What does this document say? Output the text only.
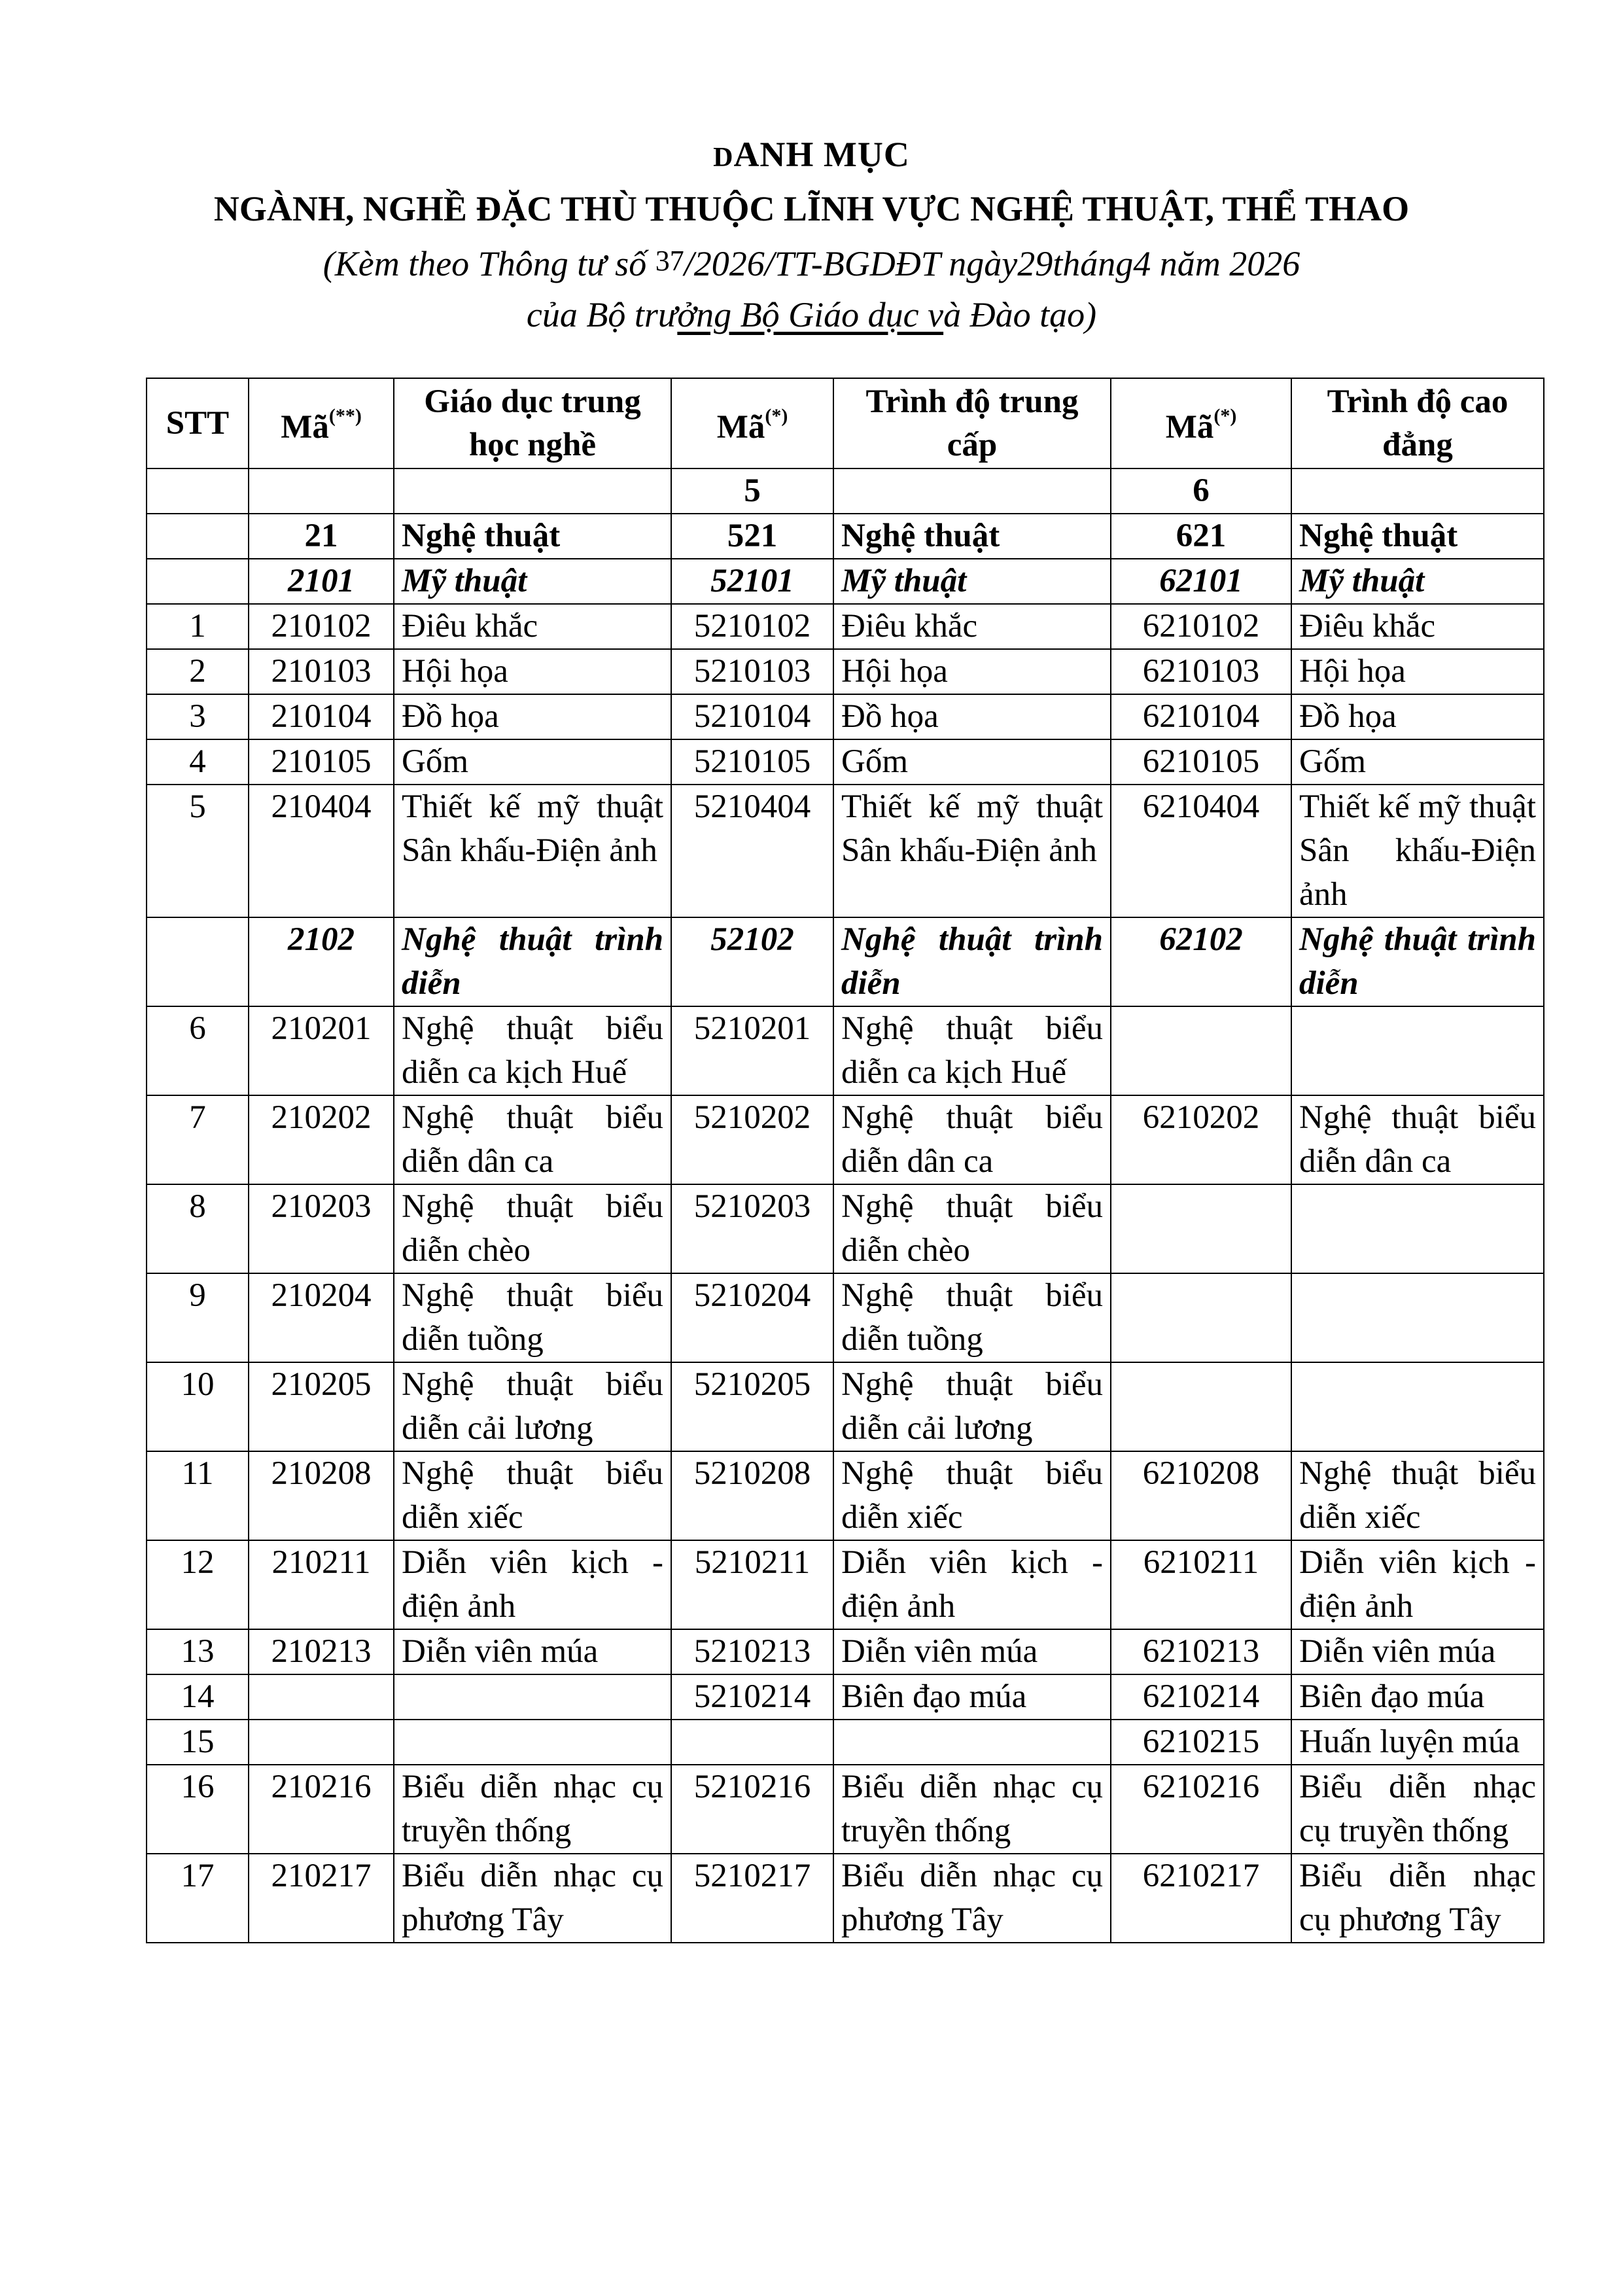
DANH MỤC
NGÀNH, NGHỀ ĐẶC THÙ THUỘC LĨNH VỰC NGHỆ THUẬT, THỂ THAO
(Kèm theo Thông tư số 37/2026/TT-BGDĐT ngày29tháng4 năm 2026
của Bộ trưởng Bộ Giáo dục và Đào tạo)
STT	Mã(**)	Giáo dục trung học nghề	Mã(*)	Trình độ trung cấp	Mã(*)	Trình độ cao đẳng
			5		6	
	21	Nghệ thuật	521	Nghệ thuật	621	Nghệ thuật
	2101	Mỹ thuật	52101	Mỹ thuật	62101	Mỹ thuật
1	210102	Điêu khắc	5210102	Điêu khắc	6210102	Điêu khắc
2	210103	Hội họa	5210103	Hội họa	6210103	Hội họa
3	210104	Đồ họa	5210104	Đồ họa	6210104	Đồ họa
4	210105	Gốm	5210105	Gốm	6210105	Gốm
5	210404	Thiết kế mỹ thuật Sân khấu-Điện ảnh	5210404	Thiết kế mỹ thuật Sân khấu-Điện ảnh	6210404	Thiết kế mỹ thuật Sân khấu-Điện ảnh
	2102	Nghệ thuật trình diễn	52102	Nghệ thuật trình diễn	62102	Nghệ thuật trình diễn
6	210201	Nghệ thuật biểu diễn ca kịch Huế	5210201	Nghệ thuật biểu diễn ca kịch Huế		
7	210202	Nghệ thuật biểu diễn dân ca	5210202	Nghệ thuật biểu diễn dân ca	6210202	Nghệ thuật biểu diễn dân ca
8	210203	Nghệ thuật biểu diễn chèo	5210203	Nghệ thuật biểu diễn chèo		
9	210204	Nghệ thuật biểu diễn tuồng	5210204	Nghệ thuật biểu diễn tuồng		
10	210205	Nghệ thuật biểu diễn cải lương	5210205	Nghệ thuật biểu diễn cải lương		
11	210208	Nghệ thuật biểu diễn xiếc	5210208	Nghệ thuật biểu diễn xiếc	6210208	Nghệ thuật biểu diễn xiếc
12	210211	Diễn viên kịch - điện ảnh	5210211	Diễn viên kịch - điện ảnh	6210211	Diễn viên kịch - điện ảnh
13	210213	Diễn viên múa	5210213	Diễn viên múa	6210213	Diễn viên múa
14			5210214	Biên đạo múa	6210214	Biên đạo múa
15					6210215	Huấn luyện múa
16	210216	Biểu diễn nhạc cụ truyền thống	5210216	Biểu diễn nhạc cụ truyền thống	6210216	Biểu diễn nhạc cụ truyền thống
17	210217	Biểu diễn nhạc cụ phương Tây	5210217	Biểu diễn nhạc cụ phương Tây	6210217	Biểu diễn nhạc cụ phương Tây
